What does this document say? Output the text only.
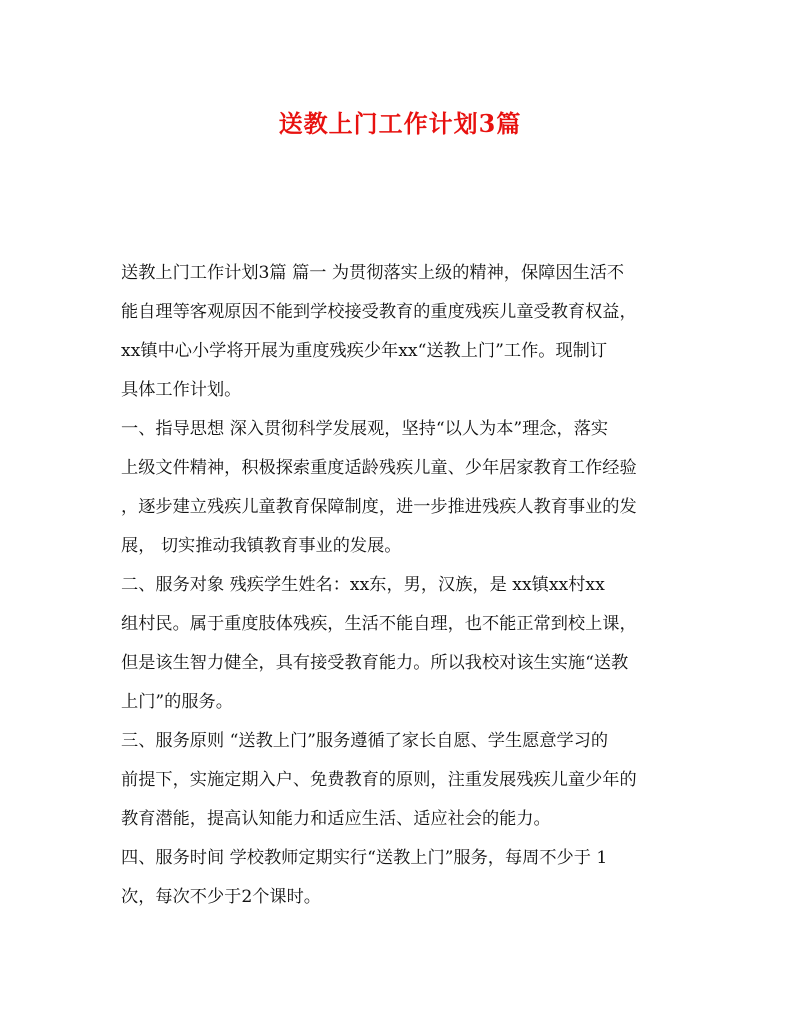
送教上门工作计划3篇
送教上门工作计划3篇 篇一 为贯彻落实上级的精神，保障因生活不
能自理等客观原因不能到学校接受教育的重度残疾儿童受教育权益，
xx镇中心小学将开展为重度残疾少年xx“送教上门”工作。现制订
具体工作计划。
一、指导思想 深入贯彻科学发展观，坚持“以人为本”理念，落实
上级文件精神，积极探索重度适龄残疾儿童、少年居家教育工作经验
，逐步建立残疾儿童教育保障制度，进一步推进残疾人教育事业的发
展， 切实推动我镇教育事业的发展。
二、服务对象 残疾学生姓名：xx东，男，汉族，是 xx镇xx村xx
组村民。属于重度肢体残疾，生活不能自理，也不能正常到校上课，
但是该生智力健全，具有接受教育能力。所以我校对该生实施“送教
上门”的服务。
三、服务原则 “送教上门”服务遵循了家长自愿、学生愿意学习的
前提下，实施定期入户、免费教育的原则，注重发展残疾儿童少年的
教育潜能，提高认知能力和适应生活、适应社会的能力。
四、服务时间 学校教师定期实行“送教上门”服务，每周不少于 1
次，每次不少于2个课时。
